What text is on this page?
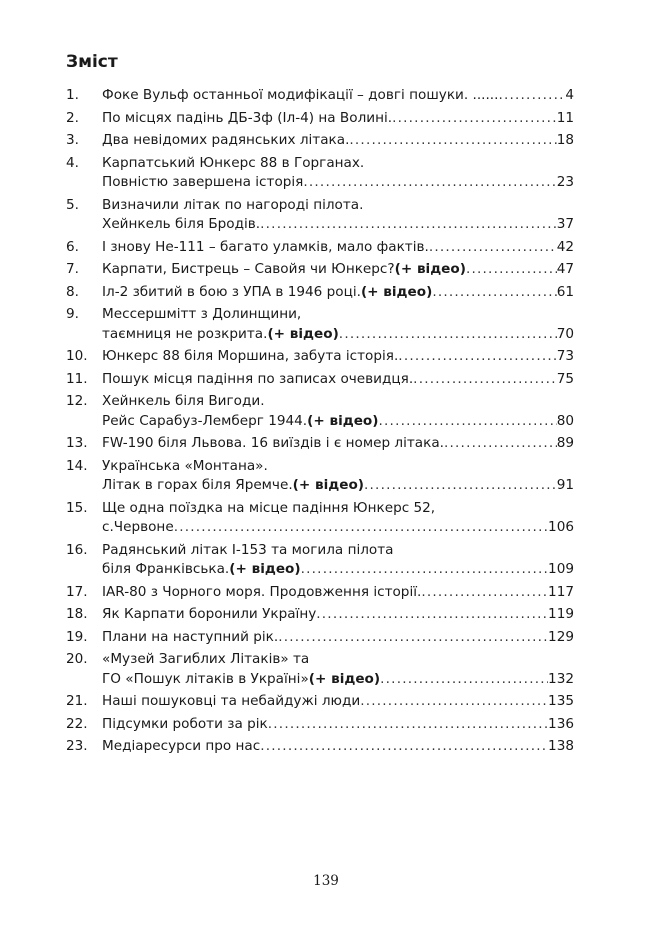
Зміст
1.	Фоке Вульф останньої модифікації – довгі пошуки. ...... .....	4
2.	По місцях падінь ДБ-3ф (Іл-4) на Волині. .....	11
3.	Два невідомих радянських літака. .....	18
4.	Карпатський Юнкерс 88 в Горганах.
Повністю завершена історія .....	23
5.	Визначили літак по нагороді пілота.
Хейнкель біля Бродів. .....	37
6.	І знову Не-111 – багато уламків, мало фактів. .....	42
7.	Карпати, Бистрець – Савойя чи Юнкерс? (+ відео) .....	47
8.	Іл-2 збитий в бою з УПА в 1946 році. (+ відео) .....	61
9.	Мессершмітт з Долинщини,
таємниця не розкрита. (+ відео) .....	70
10.	Юнкерс 88 біля Моршина, забута історія. .....	73
11.	Пошук місця падіння по записах очевидця. .....	75
12.	Хейнкель біля Вигоди.
Рейс Сарабуз-Лемберг 1944. (+ відео) .....	80
13.	FW-190 біля Львова. 16 виїздів і є номер літака. .....	89
14.	Українська «Монтана».
Літак в горах біля Яремче. (+ відео) .....	91
15.	Ще одна поїздка на місце падіння Юнкерс 52,
с.Червоне .....	106
16.	Радянський літак І-153 та могила пілота
біля Франківська. (+ відео) .....	109
17.	IAR-80 з Чорного моря. Продовження історії. .....	117
18.	Як Карпати боронили Україну .....	119
19.	Плани на наступний рік. .....	129
20.	«Музей Загиблих Літаків» та
ГО «Пошук літаків в Україні» (+ відео) .....	132
21.	Наші пошуковці та небайдужі люди .....	135
22.	Підсумки роботи за рік .....	136
23.	Медіаресурси про нас .....	138
139
